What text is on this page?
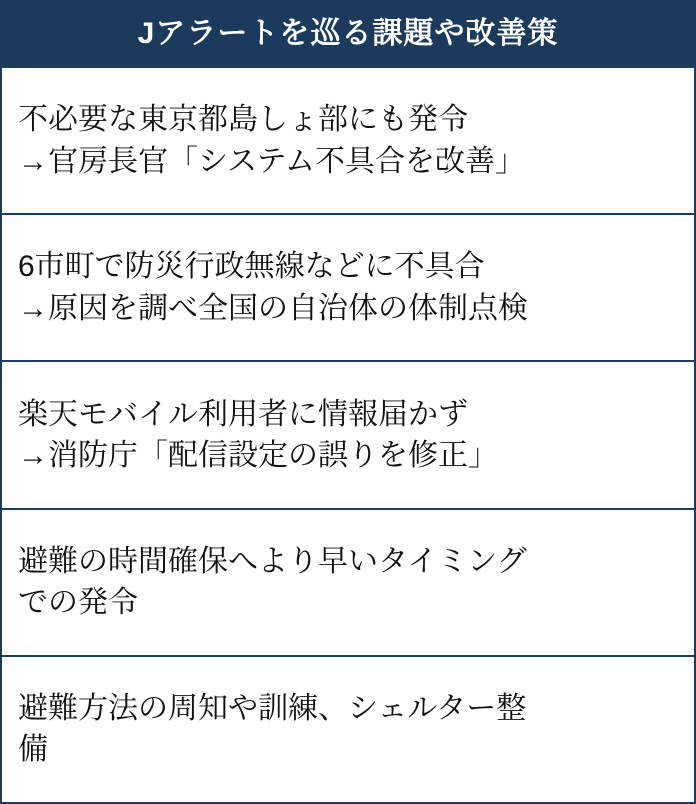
Jアラートを巡る課題や改善策
不必要な東京都島しょ部にも発令
→官房長官「システム不具合を改善」
6市町で防災行政無線などに不具合
→原因を調べ全国の自治体の体制点検
楽天モバイル利用者に情報届かず
→消防庁「配信設定の誤りを修正」
避難の時間確保へより早いタイミング
での発令
避難方法の周知や訓練、シェルター整
備
